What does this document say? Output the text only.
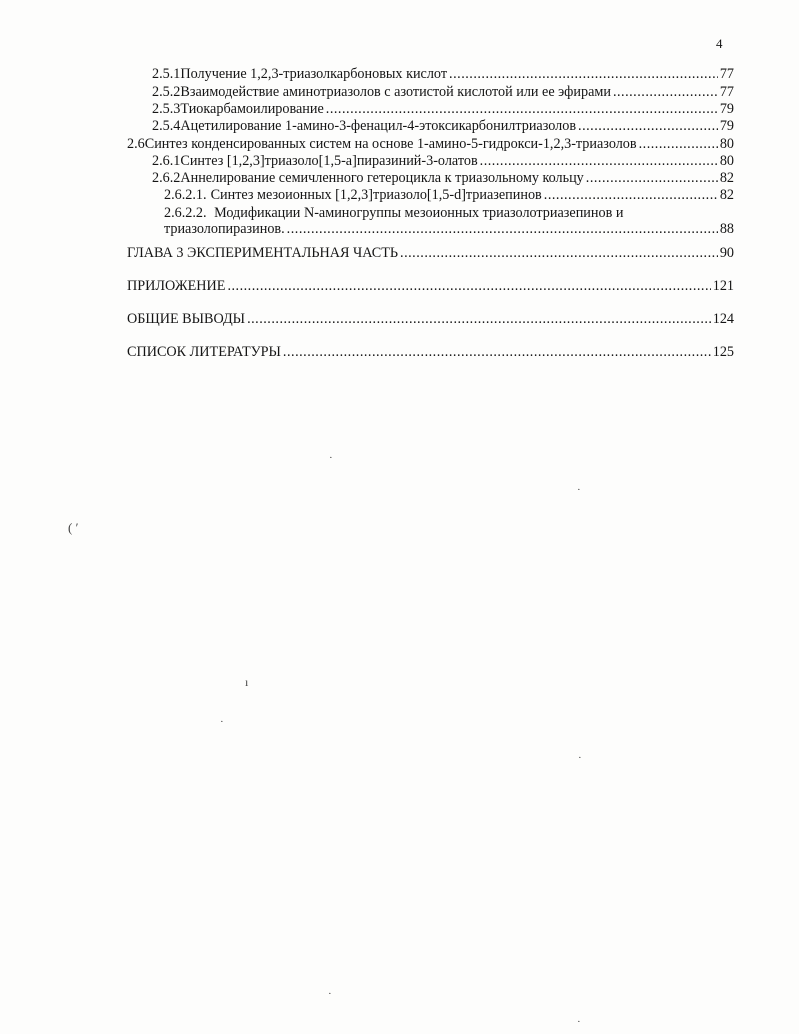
4
2.5.1 Получение 1,2,3-триазолкарбоновых кислот .....	77
2.5.2 Взаимодействие аминотриазолов с азотистой кислотой или ее эфирами .....	77
2.5.3 Тиокарбамоилирование .....	79
2.5.4 Ацетилирование 1-амино-3-фенацил-4-этоксикарбонилтриазолов .....	79
2.6 Синтез конденсированных систем на основе 1-амино-5-гидрокси-1,2,3-триазолов .....	80
2.6.1 Синтез [1,2,3]триазоло[1,5-а]пиразиний-3-олатов .....	80
2.6.2 Аннелирование семичленного гетероцикла к триазольному кольцу .....	82
2.6.2.1. Синтез мезоионных [1,2,3]триазоло[1,5-d]триазепинов .....	82
2.6.2.2. Модификации N-аминогруппы мезоионных триазолотриазепинов и
триазолопиразинов. .....	88
ГЛАВА 3 ЭКСПЕРИМЕНТАЛЬНАЯ ЧАСТЬ .....	90
ПРИЛОЖЕНИЕ .....	121
ОБЩИЕ ВЫВОДЫ .....	124
СПИСОК ЛИТЕРАТУРЫ .....	125
·
·
( ′
ı
·
·
·
·
